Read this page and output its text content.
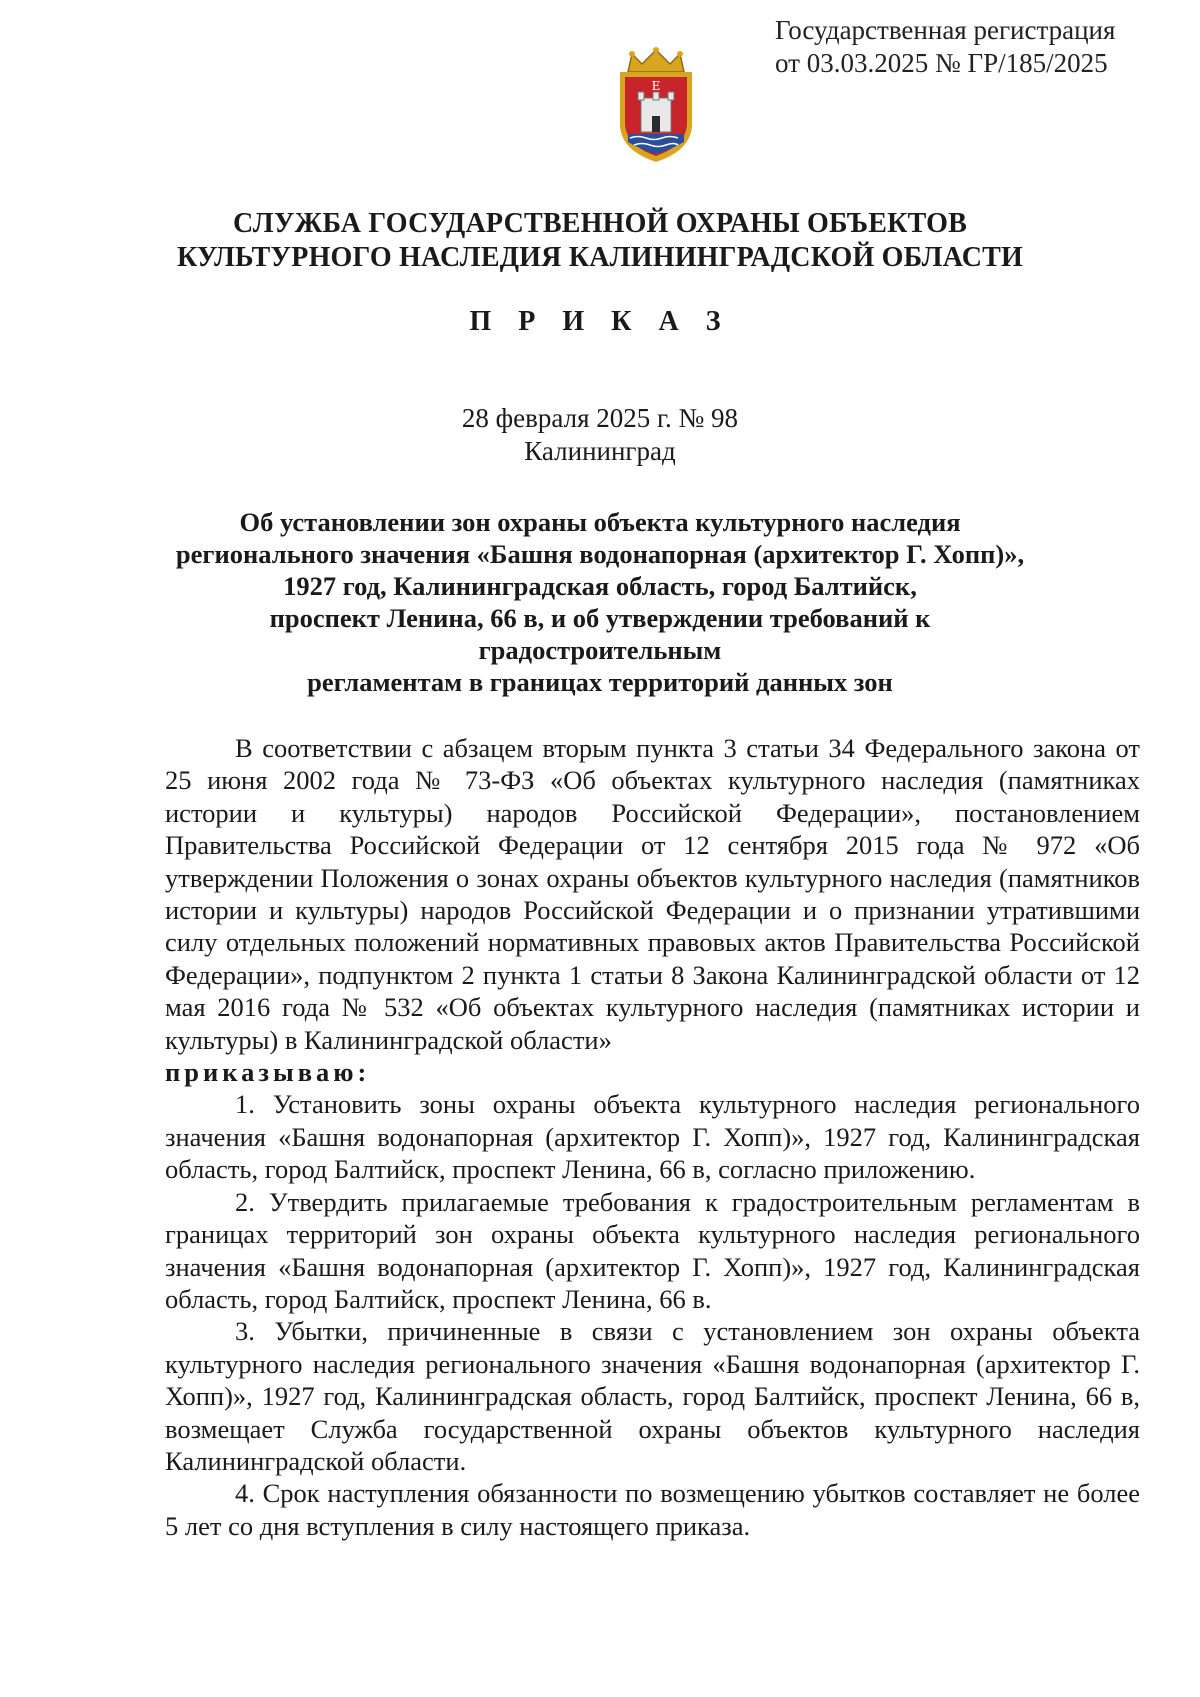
Государственная регистрация
от 03.03.2025 № ГР/185/2025
Е
СЛУЖБА ГОСУДАРСТВЕННОЙ ОХРАНЫ ОБЪЕКТОВ
КУЛЬТУРНОГО НАСЛЕДИЯ КАЛИНИНГРАДСКОЙ ОБЛАСТИ
П Р И К А З
28 февраля 2025 г. № 98
Калининград
Об установлении зон охраны объекта культурного наследия
регионального значения «Башня водонапорная (архитектор Г. Хопп)»,
1927 год, Калининградская область, город Балтийск,
проспект Ленина, 66 в, и об утверждении требований к градостроительным
регламентам в границах территорий данных зон

В соответствии с абзацем вторым пункта 3 статьи 34 Федерального закона от 25 июня 2002 года № 73-ФЗ «Об объектах культурного наследия (памятниках истории и культуры) народов Российской Федерации», постановлением Правительства Российской Федерации от 12 сентября 2015 года № 972 «Об утверждении Положения о зонах охраны объектов культурного наследия (памятников истории и культуры) народов Российской Федерации и о признании утратившими силу отдельных положений нормативных правовых актов Правительства Российской Федерации», подпунктом 2 пункта 1 статьи 8 Закона Калининградской области от 12 мая 2016 года № 532 «Об объектах культурного наследия (памятниках истории и культуры) в Калининградской области»

приказываю:

1. Установить зоны охраны объекта культурного наследия регионального значения «Башня водонапорная (архитектор Г. Хопп)», 1927 год, Калининградская область, город Балтийск, проспект Ленина, 66 в, согласно приложению.

2. Утвердить прилагаемые требования к градостроительным регламентам в границах территорий зон охраны объекта культурного наследия регионального значения «Башня водонапорная (архитектор Г. Хопп)», 1927 год, Калининградская область, город Балтийск, проспект Ленина, 66 в.

3. Убытки, причиненные в связи с установлением зон охраны объекта культурного наследия регионального значения «Башня водонапорная (архитектор Г. Хопп)», 1927 год, Калининградская область, город Балтийск, проспект Ленина, 66 в, возмещает Служба государственной охраны объектов культурного наследия Калининградской области.

4. Срок наступления обязанности по возмещению убытков составляет не более 5 лет со дня вступления в силу настоящего приказа.
